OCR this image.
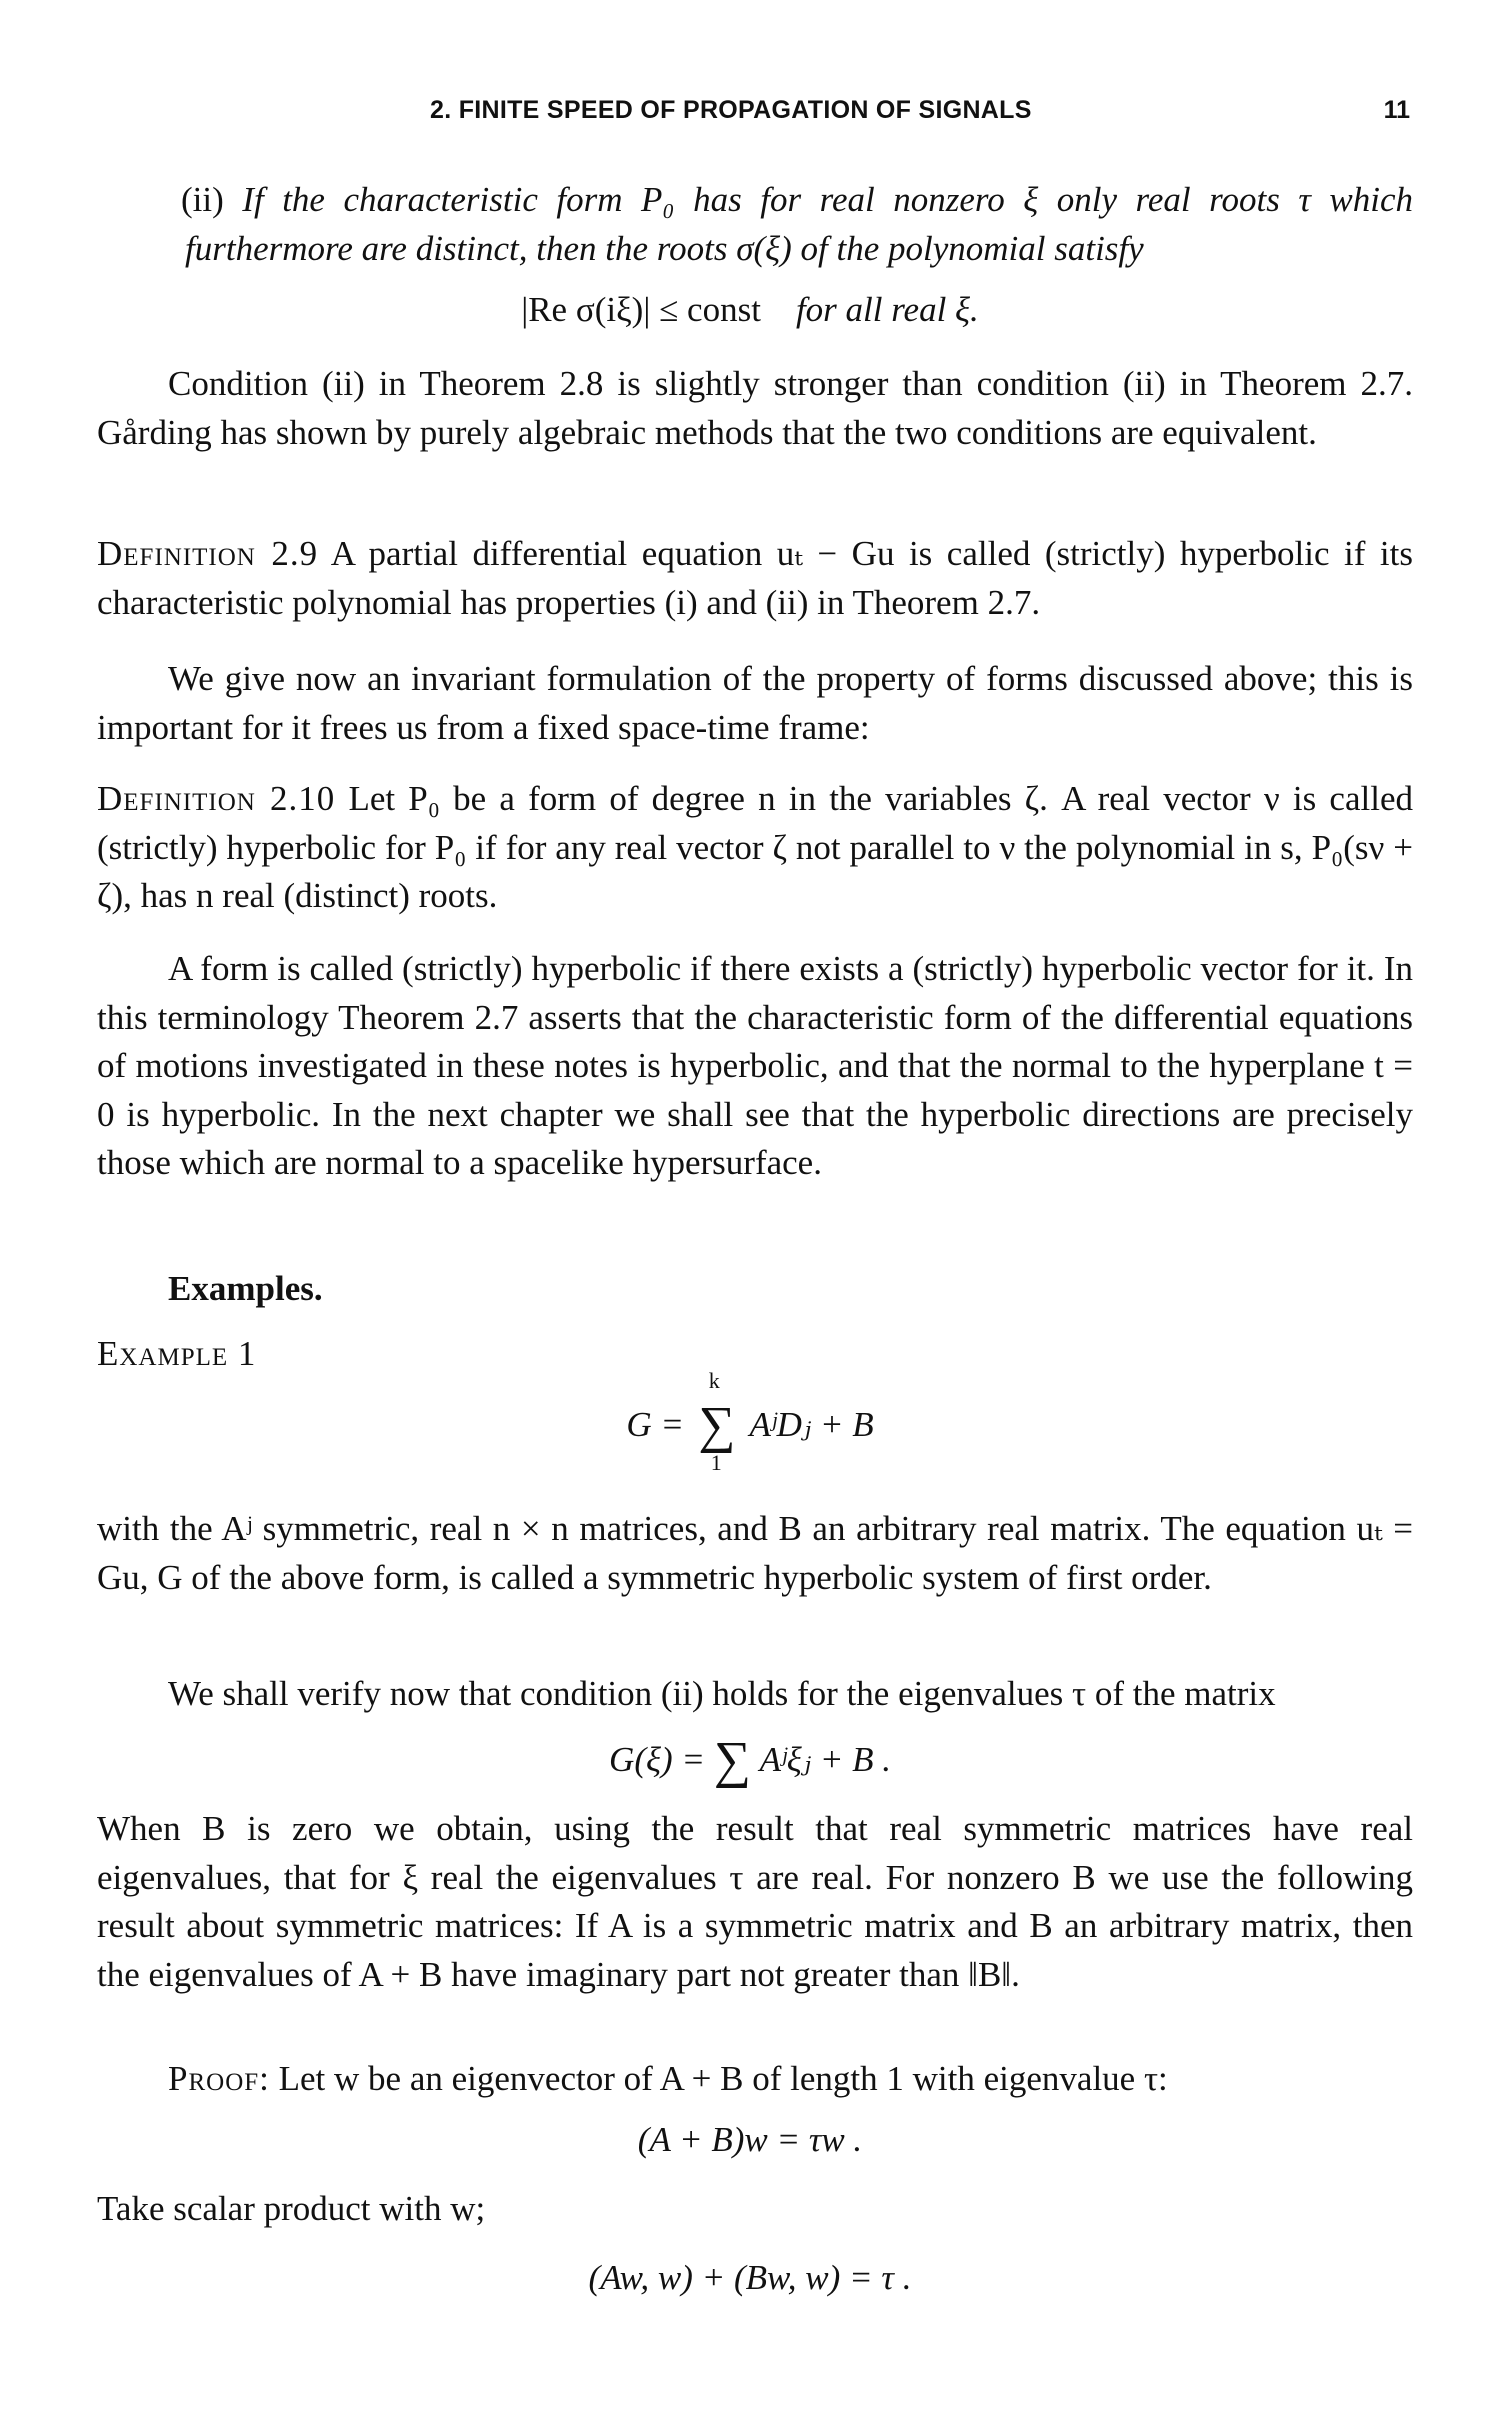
2. FINITE SPEED OF PROPAGATION OF SIGNALS	11
(ii) If the characteristic form P₀ has for real nonzero ξ only real roots τ which furthermore are distinct, then the roots σ(ξ) of the polynomial satisfy
|Re σ(iξ)| ≤ const for all real ξ.
Condition (ii) in Theorem 2.8 is slightly stronger than condition (ii) in Theorem 2.7. Gårding has shown by purely algebraic methods that the two conditions are equivalent.
Definition 2.9 A partial differential equation uₜ − Gu is called (strictly) hyperbolic if its characteristic polynomial has properties (i) and (ii) in Theorem 2.7.
We give now an invariant formulation of the property of forms discussed above; this is important for it frees us from a fixed space-time frame:
Definition 2.10 Let P₀ be a form of degree n in the variables ζ. A real vector ν is called (strictly) hyperbolic for P₀ if for any real vector ζ not parallel to ν the polynomial in s, P₀(sν + ζ), has n real (distinct) roots.
A form is called (strictly) hyperbolic if there exists a (strictly) hyperbolic vector for it. In this terminology Theorem 2.7 asserts that the characteristic form of the differential equations of motions investigated in these notes is hyperbolic, and that the normal to the hyperplane t = 0 is hyperbolic. In the next chapter we shall see that the hyperbolic directions are precisely those which are normal to a spacelike hypersurface.
Examples.
Example 1
G =
k
∑
1
AʲDⱼ + B
with the Aʲ symmetric, real n × n matrices, and B an arbitrary real matrix. The equation uₜ = Gu, G of the above form, is called a symmetric hyperbolic system of first order.
We shall verify now that condition (ii) holds for the eigenvalues τ of the matrix
G(ξ) = ∑ Aʲξⱼ + B .
When B is zero we obtain, using the result that real symmetric matrices have real eigenvalues, that for ξ real the eigenvalues τ are real. For nonzero B we use the following result about symmetric matrices: If A is a symmetric matrix and B an arbitrary matrix, then the eigenvalues of A + B have imaginary part not greater than ‖B‖.
Proof: Let w be an eigenvector of A + B of length 1 with eigenvalue τ:
(A + B)w = τw .
Take scalar product with w;
(Aw, w) + (Bw, w) = τ .
